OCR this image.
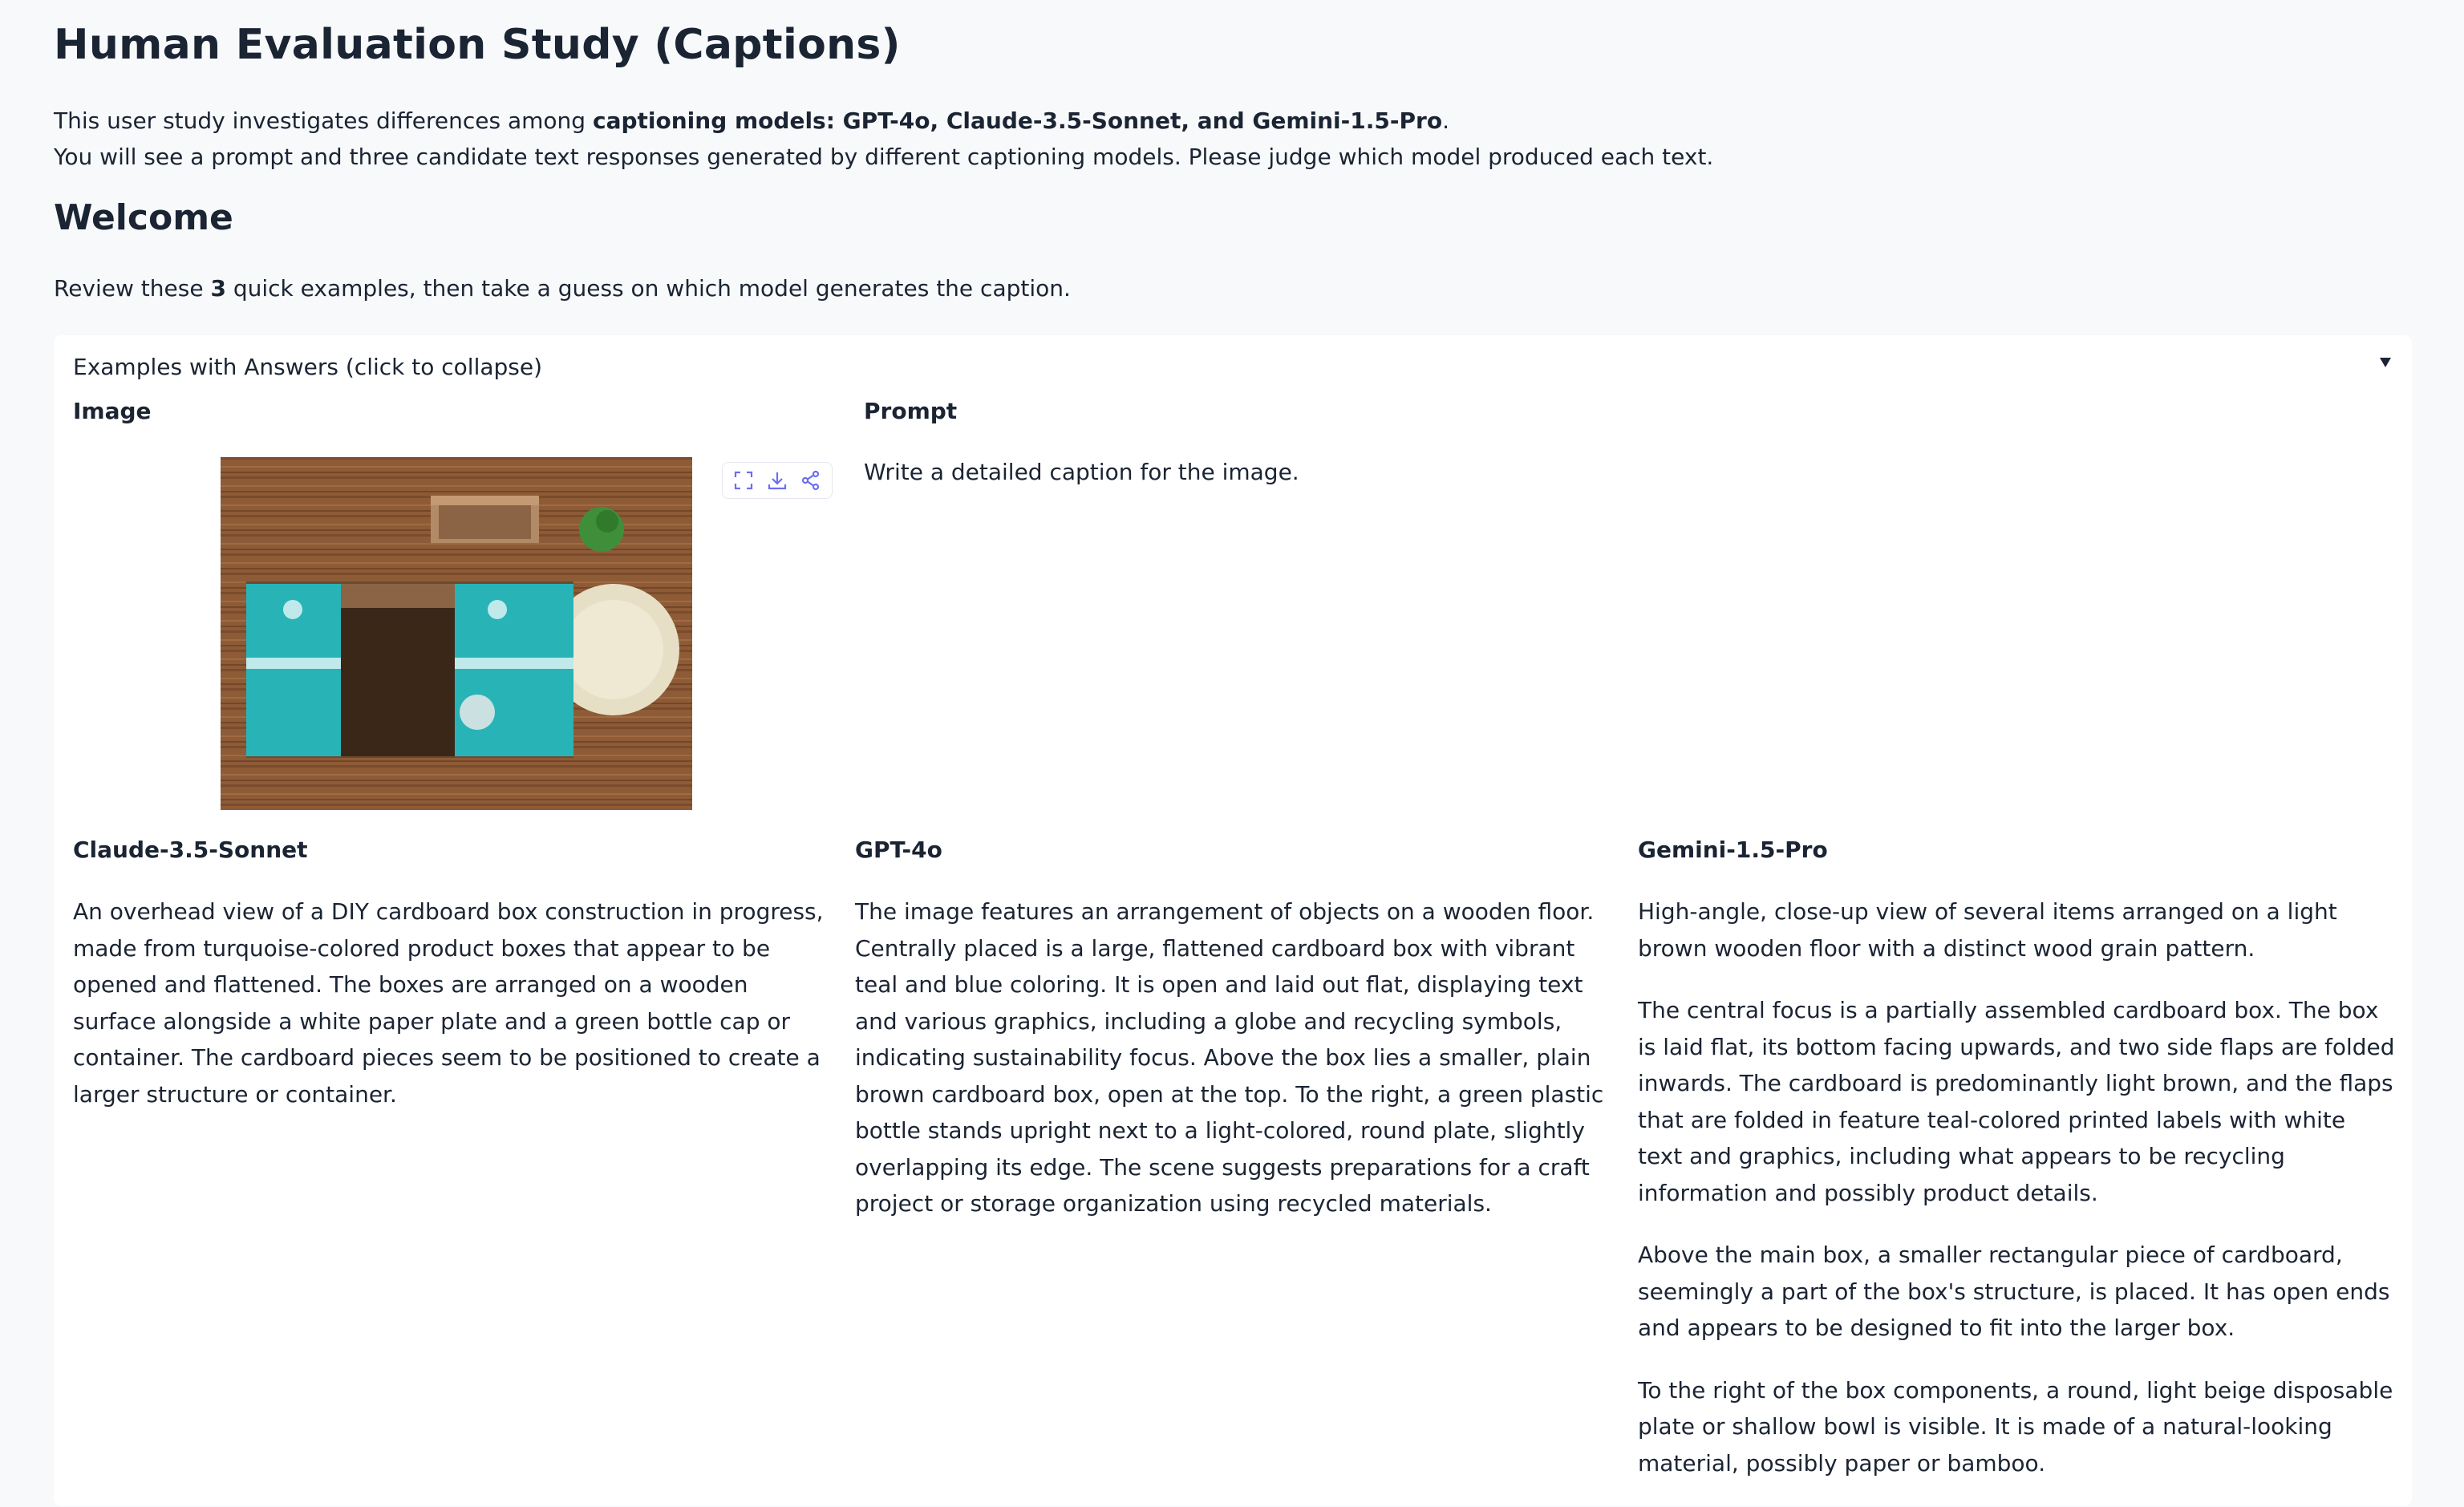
Human Evaluation Study (Captions)
This user study investigates differences among captioning models: GPT-4o, Claude-3.5-Sonnet, and Gemini-1.5-Pro.
You will see a prompt and three candidate text responses generated by different captioning models. Please judge which model produced each text.
Welcome
Review these 3 quick examples, then take a guess on which model generates the caption.
Examples with Answers (click to collapse)
Image	Prompt
Write a detailed caption for the image.
Claude-3.5-Sonnet

An overhead view of a DIY cardboard box construction in progress, made from turquoise-colored product boxes that appear to be opened and flattened. The boxes are arranged on a wooden surface alongside a white paper plate and a green bottle cap or container. The cardboard pieces seem to be positioned to create a larger structure or container.

GPT-4o

The image features an arrangement of objects on a wooden floor. Centrally placed is a large, flattened cardboard box with vibrant teal and blue coloring. It is open and laid out flat, displaying text and various graphics, including a globe and recycling symbols, indicating sustainability focus. Above the box lies a smaller, plain brown cardboard box, open at the top. To the right, a green plastic bottle stands upright next to a light-colored, round plate, slightly overlapping its edge. The scene suggests preparations for a craft project or storage organization using recycled materials.

Gemini-1.5-Pro

High-angle, close-up view of several items arranged on a light brown wooden floor with a distinct wood grain pattern.

The central focus is a partially assembled cardboard box. The box is laid flat, its bottom facing upwards, and two side flaps are folded inwards. The cardboard is predominantly light brown, and the flaps that are folded in feature teal-colored printed labels with white text and graphics, including what appears to be recycling information and possibly product details.

Above the main box, a smaller rectangular piece of cardboard, seemingly a part of the box's structure, is placed. It has open ends and appears to be designed to fit into the larger box.

To the right of the box components, a round, light beige disposable plate or shallow bowl is visible. It is made of a natural-looking material, possibly paper or bamboo.
